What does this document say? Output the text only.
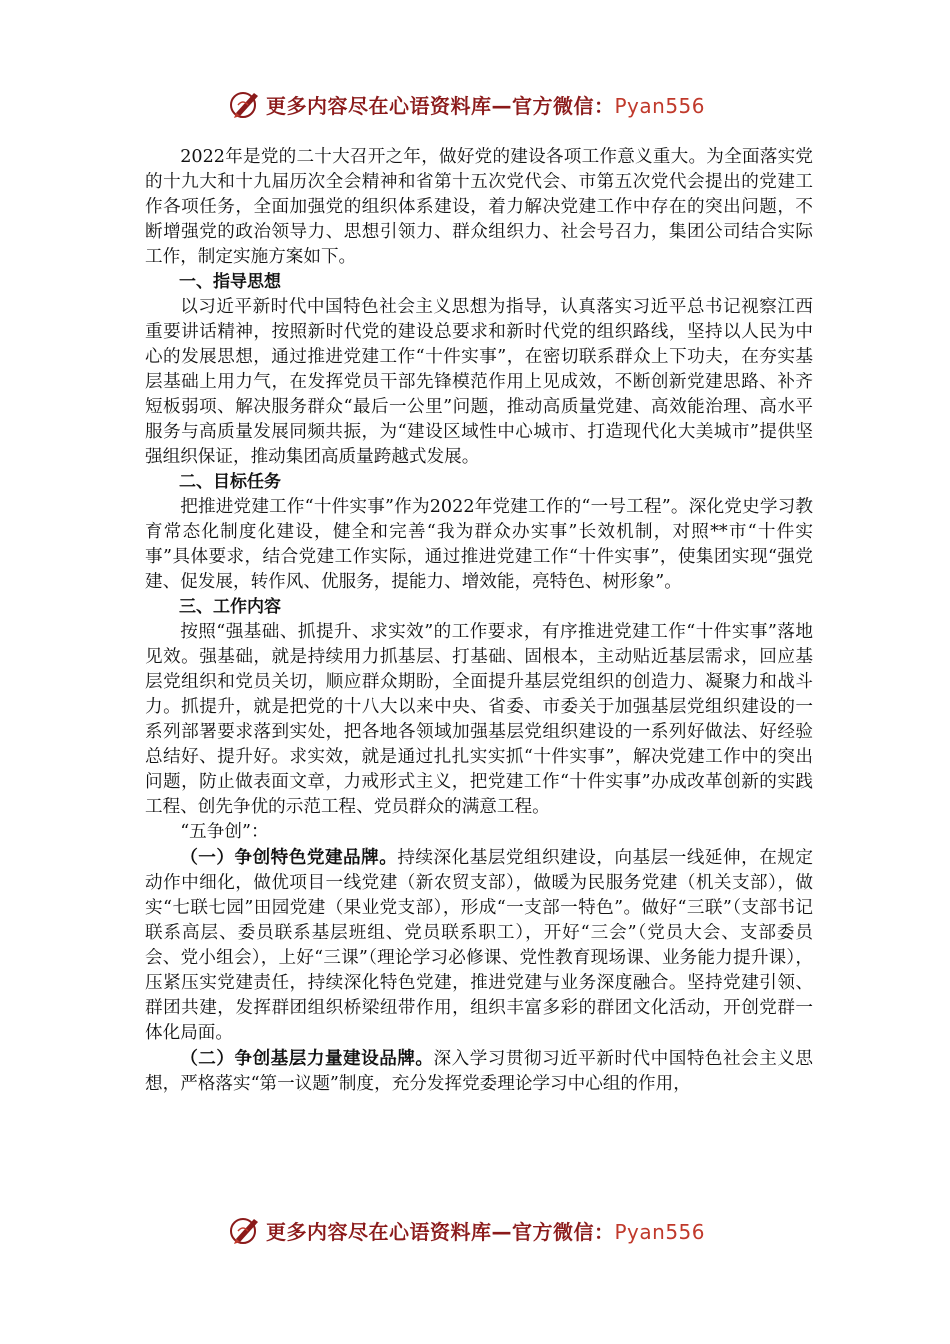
更多内容尽在心语资料库—官方微信：Pyan556

2022年是党的二十大召开之年，做好党的建设各项工作意义重大。为全面落实党的十九大和十九届历次全会精神和省第十五次党代会、市第五次党代会提出的党建工作各项任务，全面加强党的组织体系建设，着力解决党建工作中存在的突出问题，不断增强党的政治领导力、思想引领力、群众组织力、社会号召力，集团公司结合实际工作，制定实施方案如下。

一、指导思想

以习近平新时代中国特色社会主义思想为指导，认真落实习近平总书记视察江西重要讲话精神，按照新时代党的建设总要求和新时代党的组织路线，坚持以人民为中心的发展思想，通过推进党建工作“十件实事”，在密切联系群众上下功夫，在夯实基层基础上用力气，在发挥党员干部先锋模范作用上见成效，不断创新党建思路、补齐短板弱项、解决服务群众“最后一公里”问题，推动高质量党建、高效能治理、高水平服务与高质量发展同频共振，为“建设区域性中心城市、打造现代化大美城市”提供坚强组织保证，推动集团高质量跨越式发展。

二、目标任务

把推进党建工作“十件实事”作为2022年党建工作的“一号工程”。深化党史学习教育常态化制度化建设，健全和完善“我为群众办实事”长效机制，对照**市“十件实事”具体要求，结合党建工作实际，通过推进党建工作“十件实事”，使集团实现“强党建、促发展，转作风、优服务，提能力、增效能，亮特色、树形象”。

三、工作内容

按照“强基础、抓提升、求实效”的工作要求，有序推进党建工作“十件实事”落地见效。强基础，就是持续用力抓基层、打基础、固根本，主动贴近基层需求，回应基层党组织和党员关切，顺应群众期盼，全面提升基层党组织的创造力、凝聚力和战斗力。抓提升，就是把党的十八大以来中央、省委、市委关于加强基层党组织建设的一系列部署要求落到实处，把各地各领域加强基层党组织建设的一系列好做法、好经验总结好、提升好。求实效，就是通过扎扎实实抓“十件实事”，解决党建工作中的突出问题，防止做表面文章，力戒形式主义，把党建工作“十件实事”办成改革创新的实践工程、创先争优的示范工程、党员群众的满意工程。

“五争创”：

（一）争创特色党建品牌。持续深化基层党组织建设，向基层一线延伸，在规定动作中细化，做优项目一线党建（新农贸支部），做暖为民服务党建（机关支部），做实“七联七园”田园党建（果业党支部），形成“一支部一特色”。做好“三联”（支部书记联系高层、委员联系基层班组、党员联系职工），开好“三会”（党员大会、支部委员会、党小组会），上好“三课”（理论学习必修课、党性教育现场课、业务能力提升课），压紧压实党建责任，持续深化特色党建，推进党建与业务深度融合。坚持党建引领、群团共建，发挥群团组织桥梁纽带作用，组织丰富多彩的群团文化活动，开创党群一体化局面。

（二）争创基层力量建设品牌。深入学习贯彻习近平新时代中国特色社会主义思想，严格落实“第一议题”制度，充分发挥党委理论学习中心组的作用，

更多内容尽在心语资料库—官方微信：Pyan556
